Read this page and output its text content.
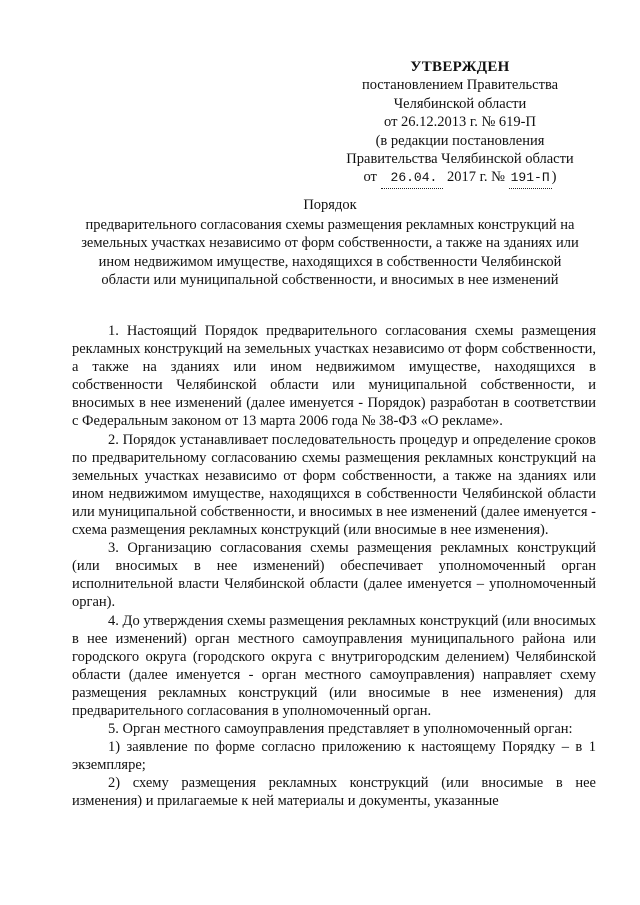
УТВЕРЖДЕН
постановлением Правительства
Челябинской области
от 26.12.2013 г. № 619-П
(в редакции постановления
Правительства Челябинской области
от 26.04. 2017 г. № 191-П )
Порядок
предварительного согласования схемы размещения рекламных конструкций на
земельных участках независимо от форм собственности, а также на зданиях или
ином недвижимом имуществе, находящихся в собственности Челябинской
области или муниципальной собственности, и вносимых в нее изменений

1. Настоящий Порядок предварительного согласования схемы размещения рекламных конструкций на земельных участках независимо от форм собственности, а также на зданиях или ином недвижимом имуществе, находящихся в собственности Челябинской области или муниципальной собственности, и вносимых в нее изменений (далее именуется - Порядок) разработан в соответствии с Федеральным законом от 13 марта 2006 года № 38-ФЗ «О рекламе».

2. Порядок устанавливает последовательность процедур и определение сроков по предварительному согласованию схемы размещения рекламных конструкций на земельных участках независимо от форм собственности, а также на зданиях или ином недвижимом имуществе, находящихся в собственности Челябинской области или муниципальной собственности, и вносимых в нее изменений (далее именуется - схема размещения рекламных конструкций (или вносимые в нее изменения).

3. Организацию согласования схемы размещения рекламных конструкций (или вносимых в нее изменений) обеспечивает уполномоченный орган исполнительной власти Челябинской области (далее именуется – уполномоченный орган).

4. До утверждения схемы размещения рекламных конструкций (или вносимых в нее изменений) орган местного самоуправления муниципального района или городского округа (городского округа с внутригородским делением) Челябинской области (далее именуется - орган местного самоуправления) направляет схему размещения рекламных конструкций (или вносимые в нее изменения) для предварительного согласования в уполномоченный орган.

5. Орган местного самоуправления представляет в уполномоченный орган:

1) заявление по форме согласно приложению к настоящему Порядку – в 1 экземпляре;

2) схему размещения рекламных конструкций (или вносимые в нее изменения) и прилагаемые к ней материалы и документы, указанные
